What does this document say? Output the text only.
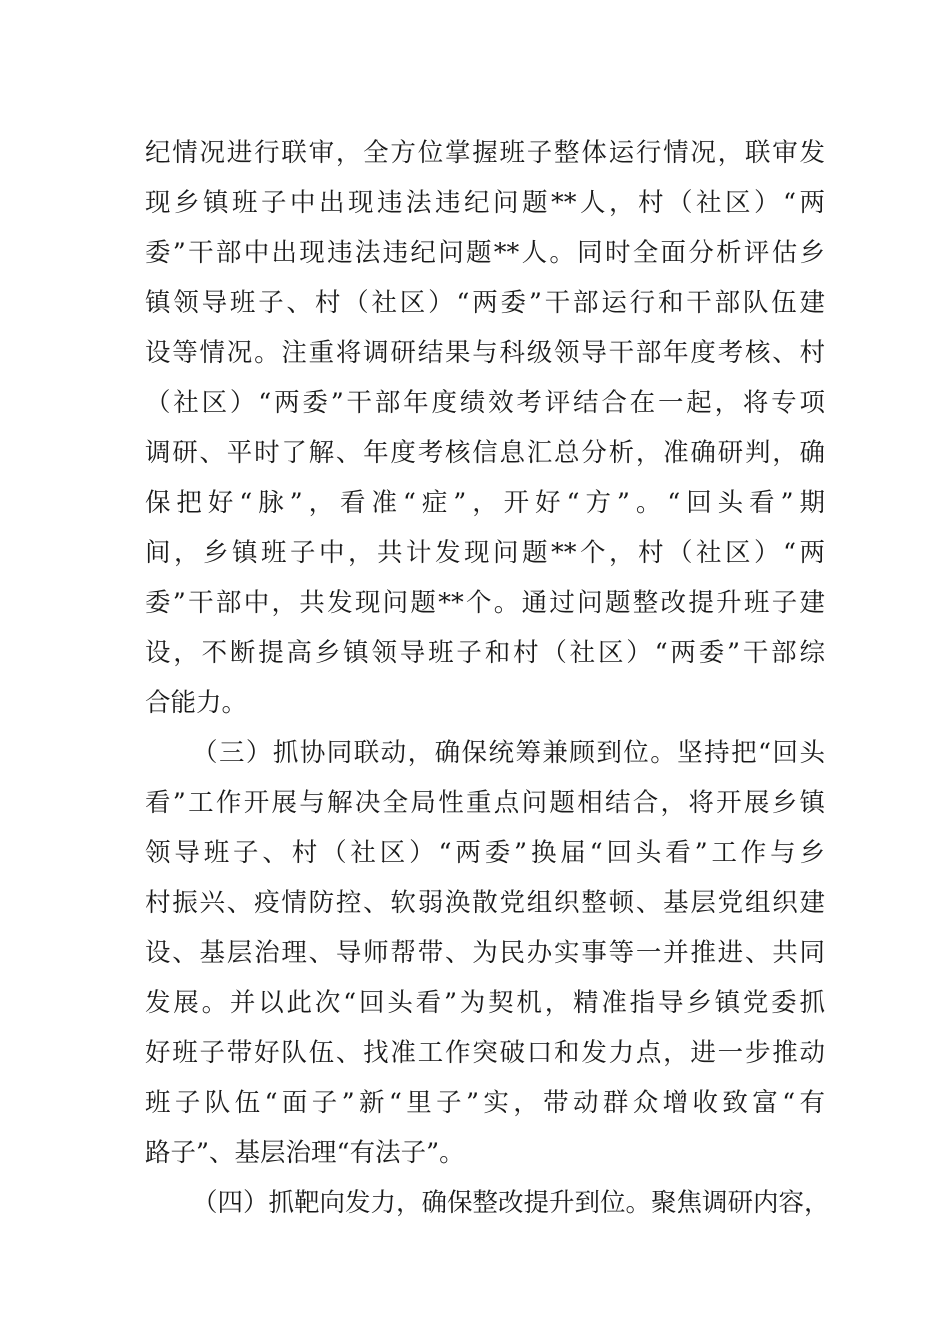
纪情况进行联审，全方位掌握班子整体运行情况，联审发
现乡镇班子中出现违法违纪问题**人，村（社区）“两
委”干部中出现违法违纪问题**人。同时全面分析评估乡
镇领导班子、村（社区）“两委”干部运行和干部队伍建
设等情况。注重将调研结果与科级领导干部年度考核、村
（社区）“两委”干部年度绩效考评结合在一起，将专项
调研、平时了解、年度考核信息汇总分析，准确研判，确
保把好“脉”，看准“症”，开好“方”。“回头看”期
间，乡镇班子中，共计发现问题**个，村（社区）“两
委”干部中，共发现问题**个。通过问题整改提升班子建
设，不断提高乡镇领导班子和村（社区）“两委”干部综
合能力。
（三）抓协同联动，确保统筹兼顾到位。坚持把“回头
看”工作开展与解决全局性重点问题相结合，将开展乡镇
领导班子、村（社区）“两委”换届“回头看”工作与乡
村振兴、疫情防控、软弱涣散党组织整顿、基层党组织建
设、基层治理、导师帮带、为民办实事等一并推进、共同
发展。并以此次“回头看”为契机，精准指导乡镇党委抓
好班子带好队伍、找准工作突破口和发力点，进一步推动
班子队伍“面子”新“里子”实，带动群众增收致富“有
路子”、基层治理“有法子”。
（四）抓靶向发力，确保整改提升到位。聚焦调研内容，
